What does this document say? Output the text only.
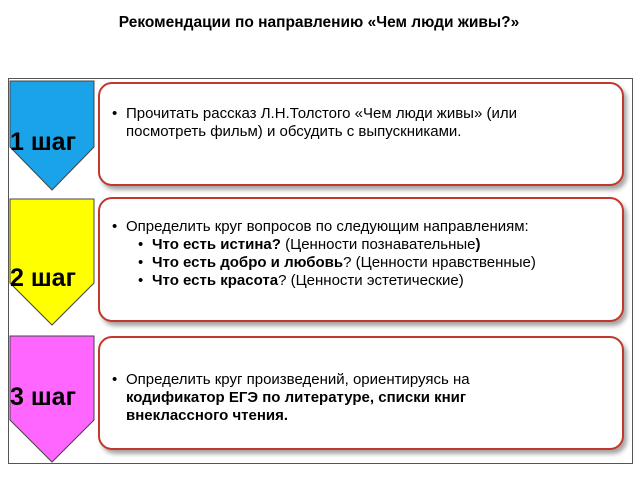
Рекомендации по направлению «Чем люди живы?»
1 шаг
2 шаг
3 шаг
• Прочитать рассказ Л.Н.Толстого «Чем люди живы» (или
посмотреть фильм) и обсудить с выпускниками.
• Определить круг вопросов по следующим направлениям:
• Что есть истина? (Ценности познавательные)
• Что есть добро и любовь? (Ценности нравственные)
• Что есть красота? (Ценности эстетические)
• Определить круг произведений, ориентируясь на
кодификатор ЕГЭ по литературе, списки книг
внеклассного чтения.
